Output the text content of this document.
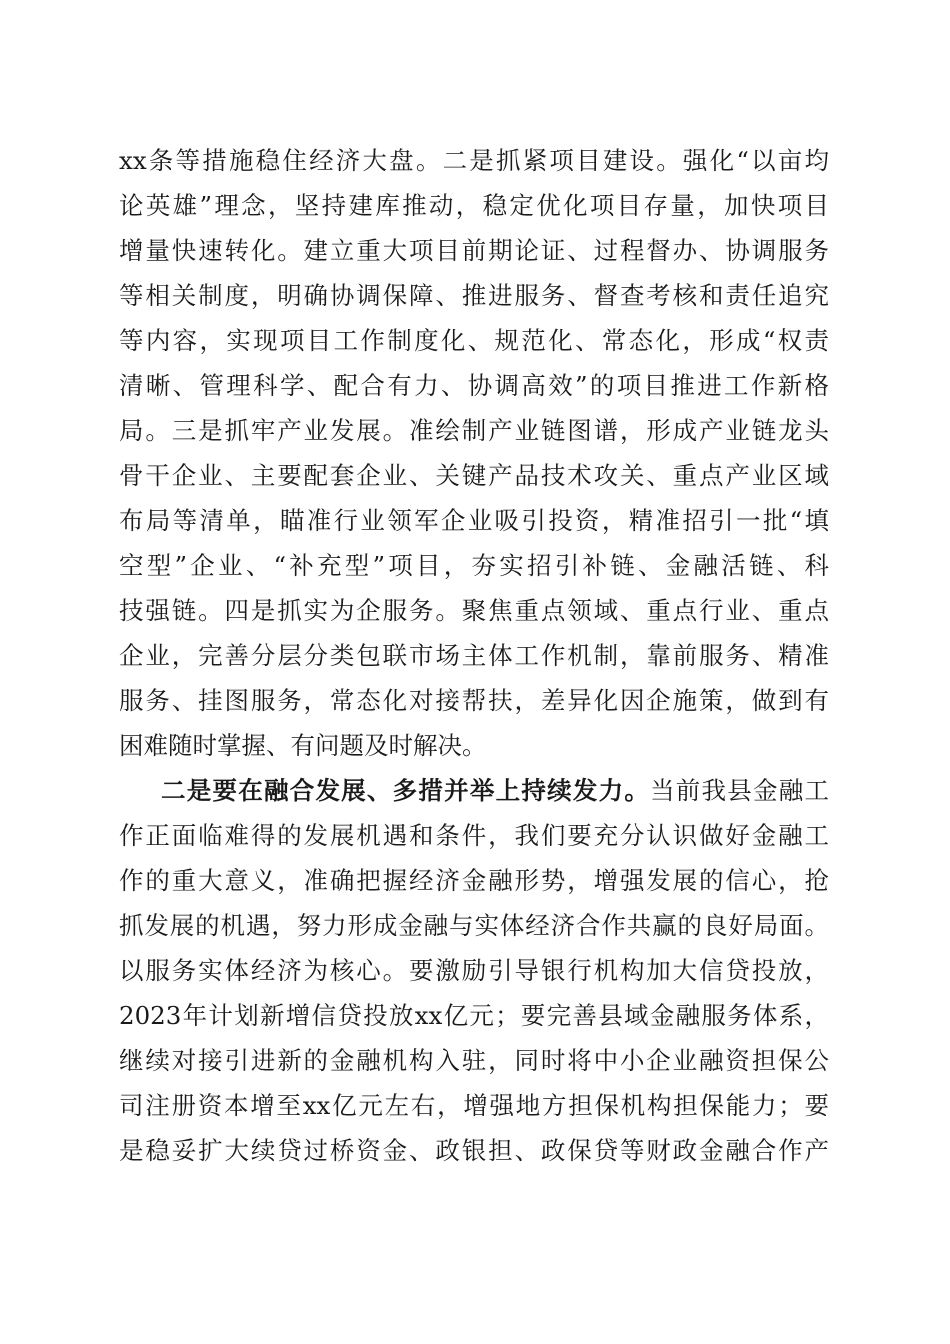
xx条等措施稳住经济大盘。二是抓紧项目建设。强化“以亩均
论英雄”理念，坚持建库推动，稳定优化项目存量，加快项目
增量快速转化。建立重大项目前期论证、过程督办、协调服务
等相关制度，明确协调保障、推进服务、督查考核和责任追究
等内容，实现项目工作制度化、规范化、常态化，形成“权责
清晰、管理科学、配合有力、协调高效”的项目推进工作新格
局。三是抓牢产业发展。准绘制产业链图谱，形成产业链龙头
骨干企业、主要配套企业、关键产品技术攻关、重点产业区域
布局等清单，瞄准行业领军企业吸引投资，精准招引一批“填
空型”企业、“补充型”项目，夯实招引补链、金融活链、科
技强链。四是抓实为企服务。聚焦重点领域、重点行业、重点
企业，完善分层分类包联市场主体工作机制，靠前服务、精准
服务、挂图服务，常态化对接帮扶，差异化因企施策，做到有
困难随时掌握、有问题及时解决。
二是要在融合发展、多措并举上持续发力。当前我县金融工
作正面临难得的发展机遇和条件，我们要充分认识做好金融工
作的重大意义，准确把握经济金融形势，增强发展的信心，抢
抓发展的机遇，努力形成金融与实体经济合作共赢的良好局面。
以服务实体经济为核心。要激励引导银行机构加大信贷投放，
2023年计划新增信贷投放xx亿元；要完善县域金融服务体系，
继续对接引进新的金融机构入驻，同时将中小企业融资担保公
司注册资本增至xx亿元左右，增强地方担保机构担保能力；要
是稳妥扩大续贷过桥资金、政银担、政保贷等财政金融合作产
